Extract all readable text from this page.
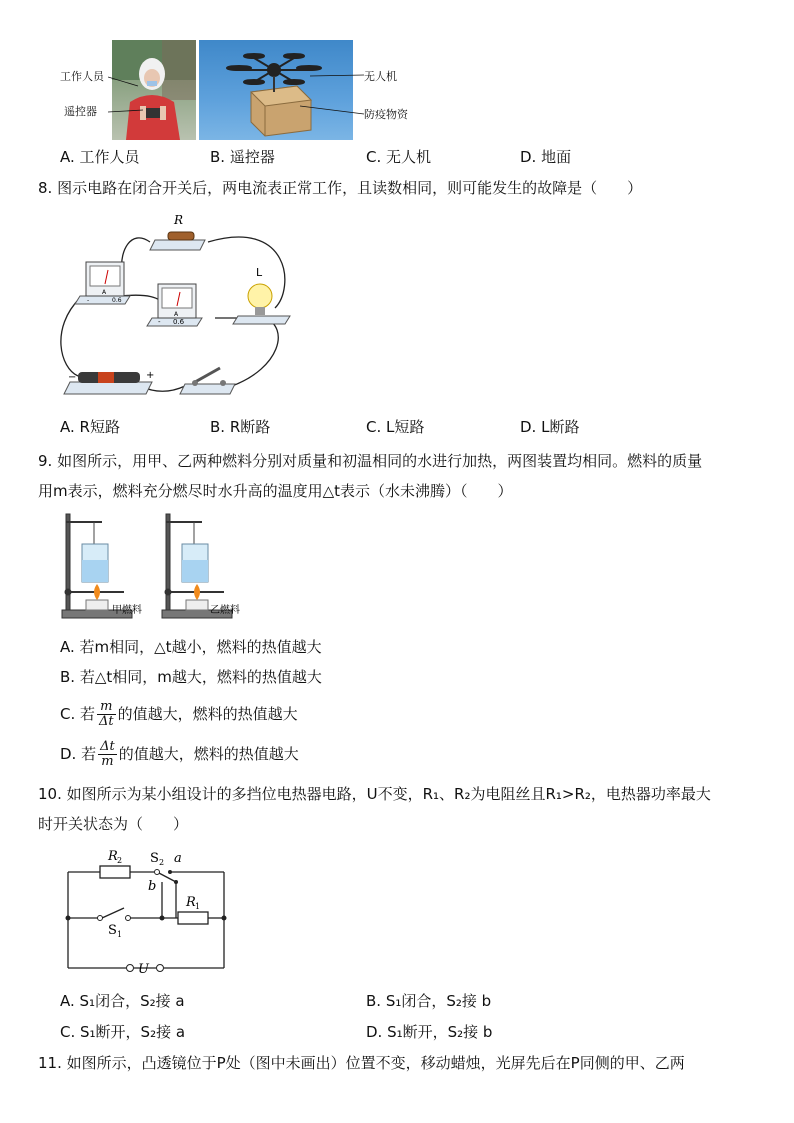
工作人员
遥控器
无人机
防疫物资
A. 工作人员	B. 遥控器	C. 无人机	D. 地面
8. 图示电路在闭合开关后，两电流表正常工作，且读数相同，则可能发生的故障是（　　）
R
A
-	0.6
A
- 0.6
L
−	+
A. R短路	B. R断路	C. L短路	D. L断路
9. 如图所示，用甲、乙两种燃料分别对质量和初温相同的水进行加热，两图装置均相同。燃料的质量
用m表示，燃料充分燃尽时水升高的温度用△t表示（水未沸腾）（　　）
甲燃料	乙燃料
A. 若m相同，△t越小，燃料的热值越大
B. 若△t相同，m越大，燃料的热值越大
C. 若 $\frac{m}{\Delta t}$ 的值越大，燃料的热值越大
D. 若 $\frac{\Delta t}{m}$ 的值越大，燃料的热值越大
10. 如图所示为某小组设计的多挡位电热器电路，U不变，R₁、R₂为电阻丝且R₁>R₂，电热器功率最大
时开关状态为（　　）
R 2
R 1
S 2 a
b
S 1
U
A. S₁闭合，S₂接 a	B. S₁闭合，S₂接 b
C. S₁断开，S₂接 a	D. S₁断开，S₂接 b
11. 如图所示，凸透镜位于P处（图中未画出）位置不变，移动蜡烛，光屏先后在P同侧的甲、乙两
